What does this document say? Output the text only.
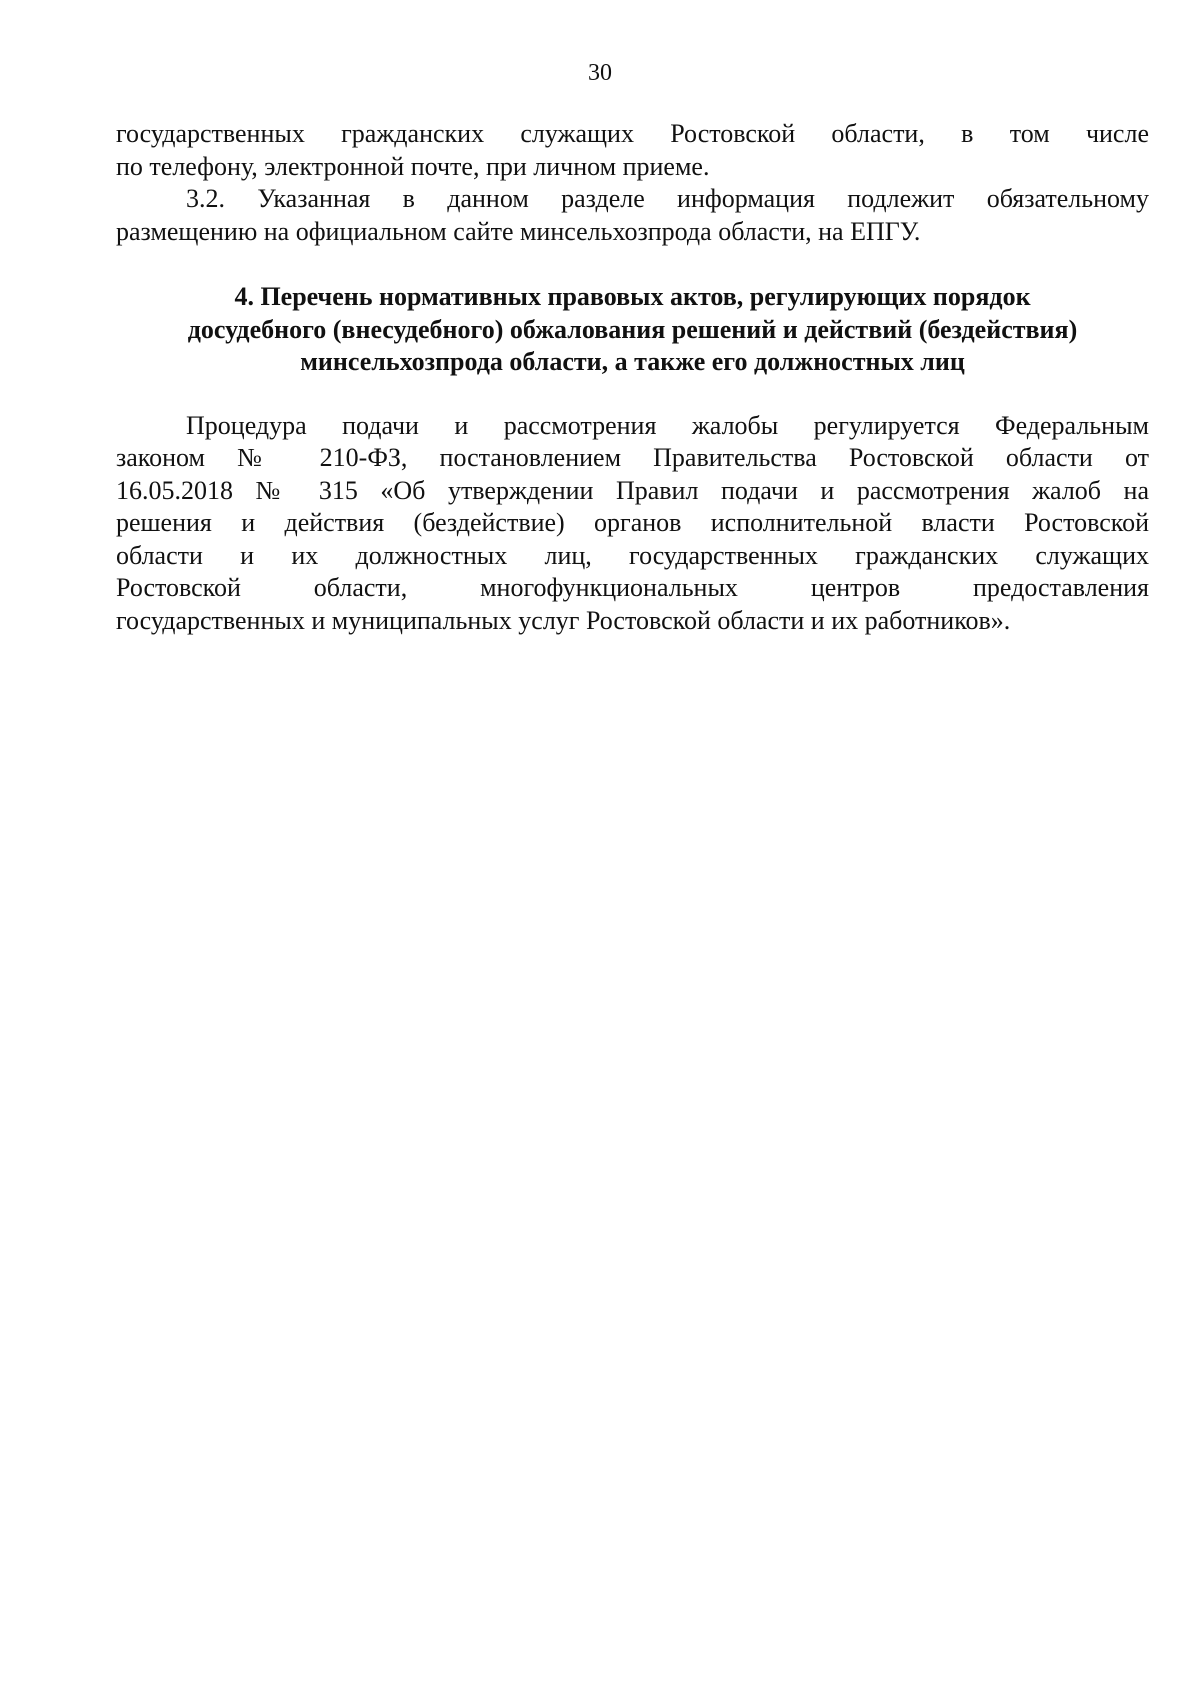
30
государственных гражданских служащих Ростовской области, в том числе
по телефону, электронной почте, при личном приеме.
3.2. Указанная в данном разделе информация подлежит обязательному
размещению на официальном сайте минсельхозпрода области, на ЕПГУ.
4. Перечень нормативных правовых актов, регулирующих порядок
досудебного (внесудебного) обжалования решений и действий (бездействия)
минсельхозпрода области, а также его должностных лиц
Процедура подачи и рассмотрения жалобы регулируется Федеральным
законом № 210-ФЗ, постановлением Правительства Ростовской области от
16.05.2018 № 315 «Об утверждении Правил подачи и рассмотрения жалоб на
решения и действия (бездействие) органов исполнительной власти Ростовской
области и их должностных лиц, государственных гражданских служащих
Ростовской области, многофункциональных центров предоставления
государственных и муниципальных услуг Ростовской области и их работников».
